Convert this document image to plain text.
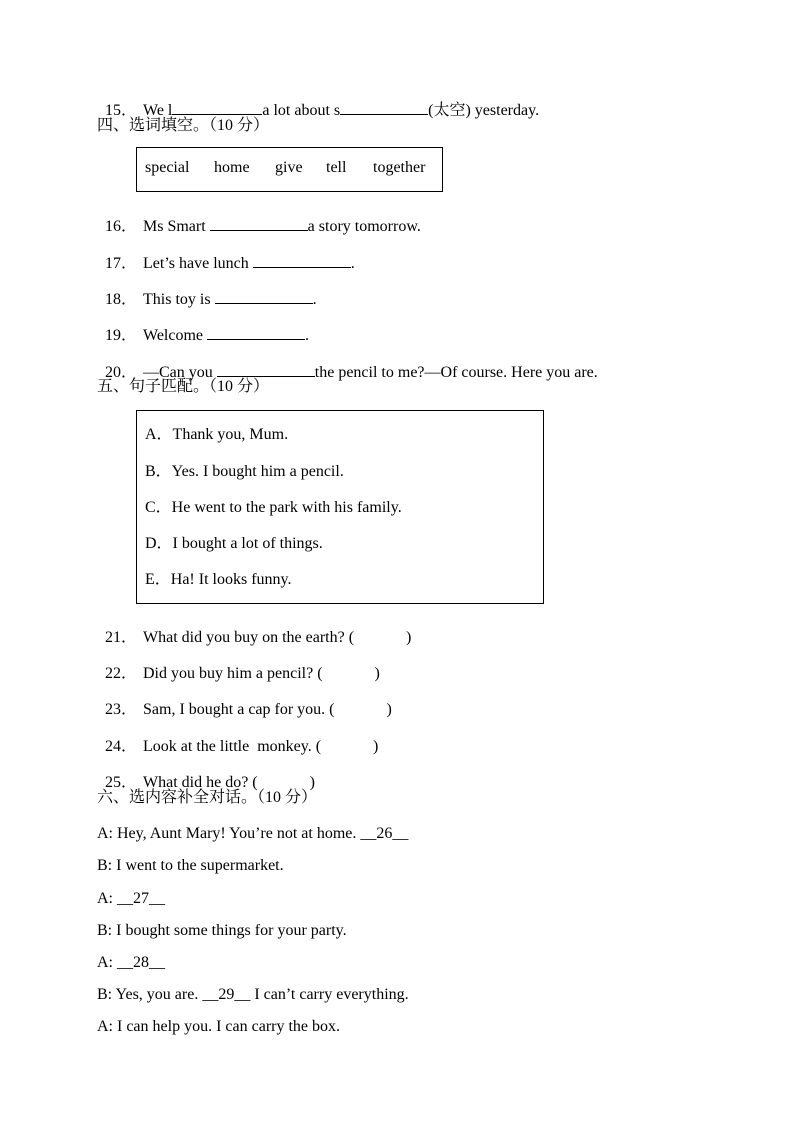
15． We l	a lot about s	(太空) yesterday.

四、选词填空。（10 分）
special home give tell together

16． Ms Smart	a story tomorrow.

17． Let’s have lunch	.

18． This toy is	.

19． Welcome	.

20． —Can you	the pencil to me?—Of course. Here you are.

五、句子匹配。（10 分）
A．Thank you, Mum.
B．Yes. I bought him a pencil.
C．He went to the park with his family.
D．I bought a lot of things.
E．Ha! It looks funny.

21． What did you buy on the earth? (	)

22． Did you buy him a pencil? (	)

23． Sam, I bought a cap for you. (	)

24． Look at the little  monkey. (	)

25． What did he do? (	)

六、选内容补全对话。（10 分）
A: Hey, Aunt Mary! You’re not at home. __26__
B: I went to the supermarket.
A: __27__
B: I bought some things for your party.
A: __28__
B: Yes, you are. __29__ I can’t carry everything.
A: I can help you. I can carry the box.
